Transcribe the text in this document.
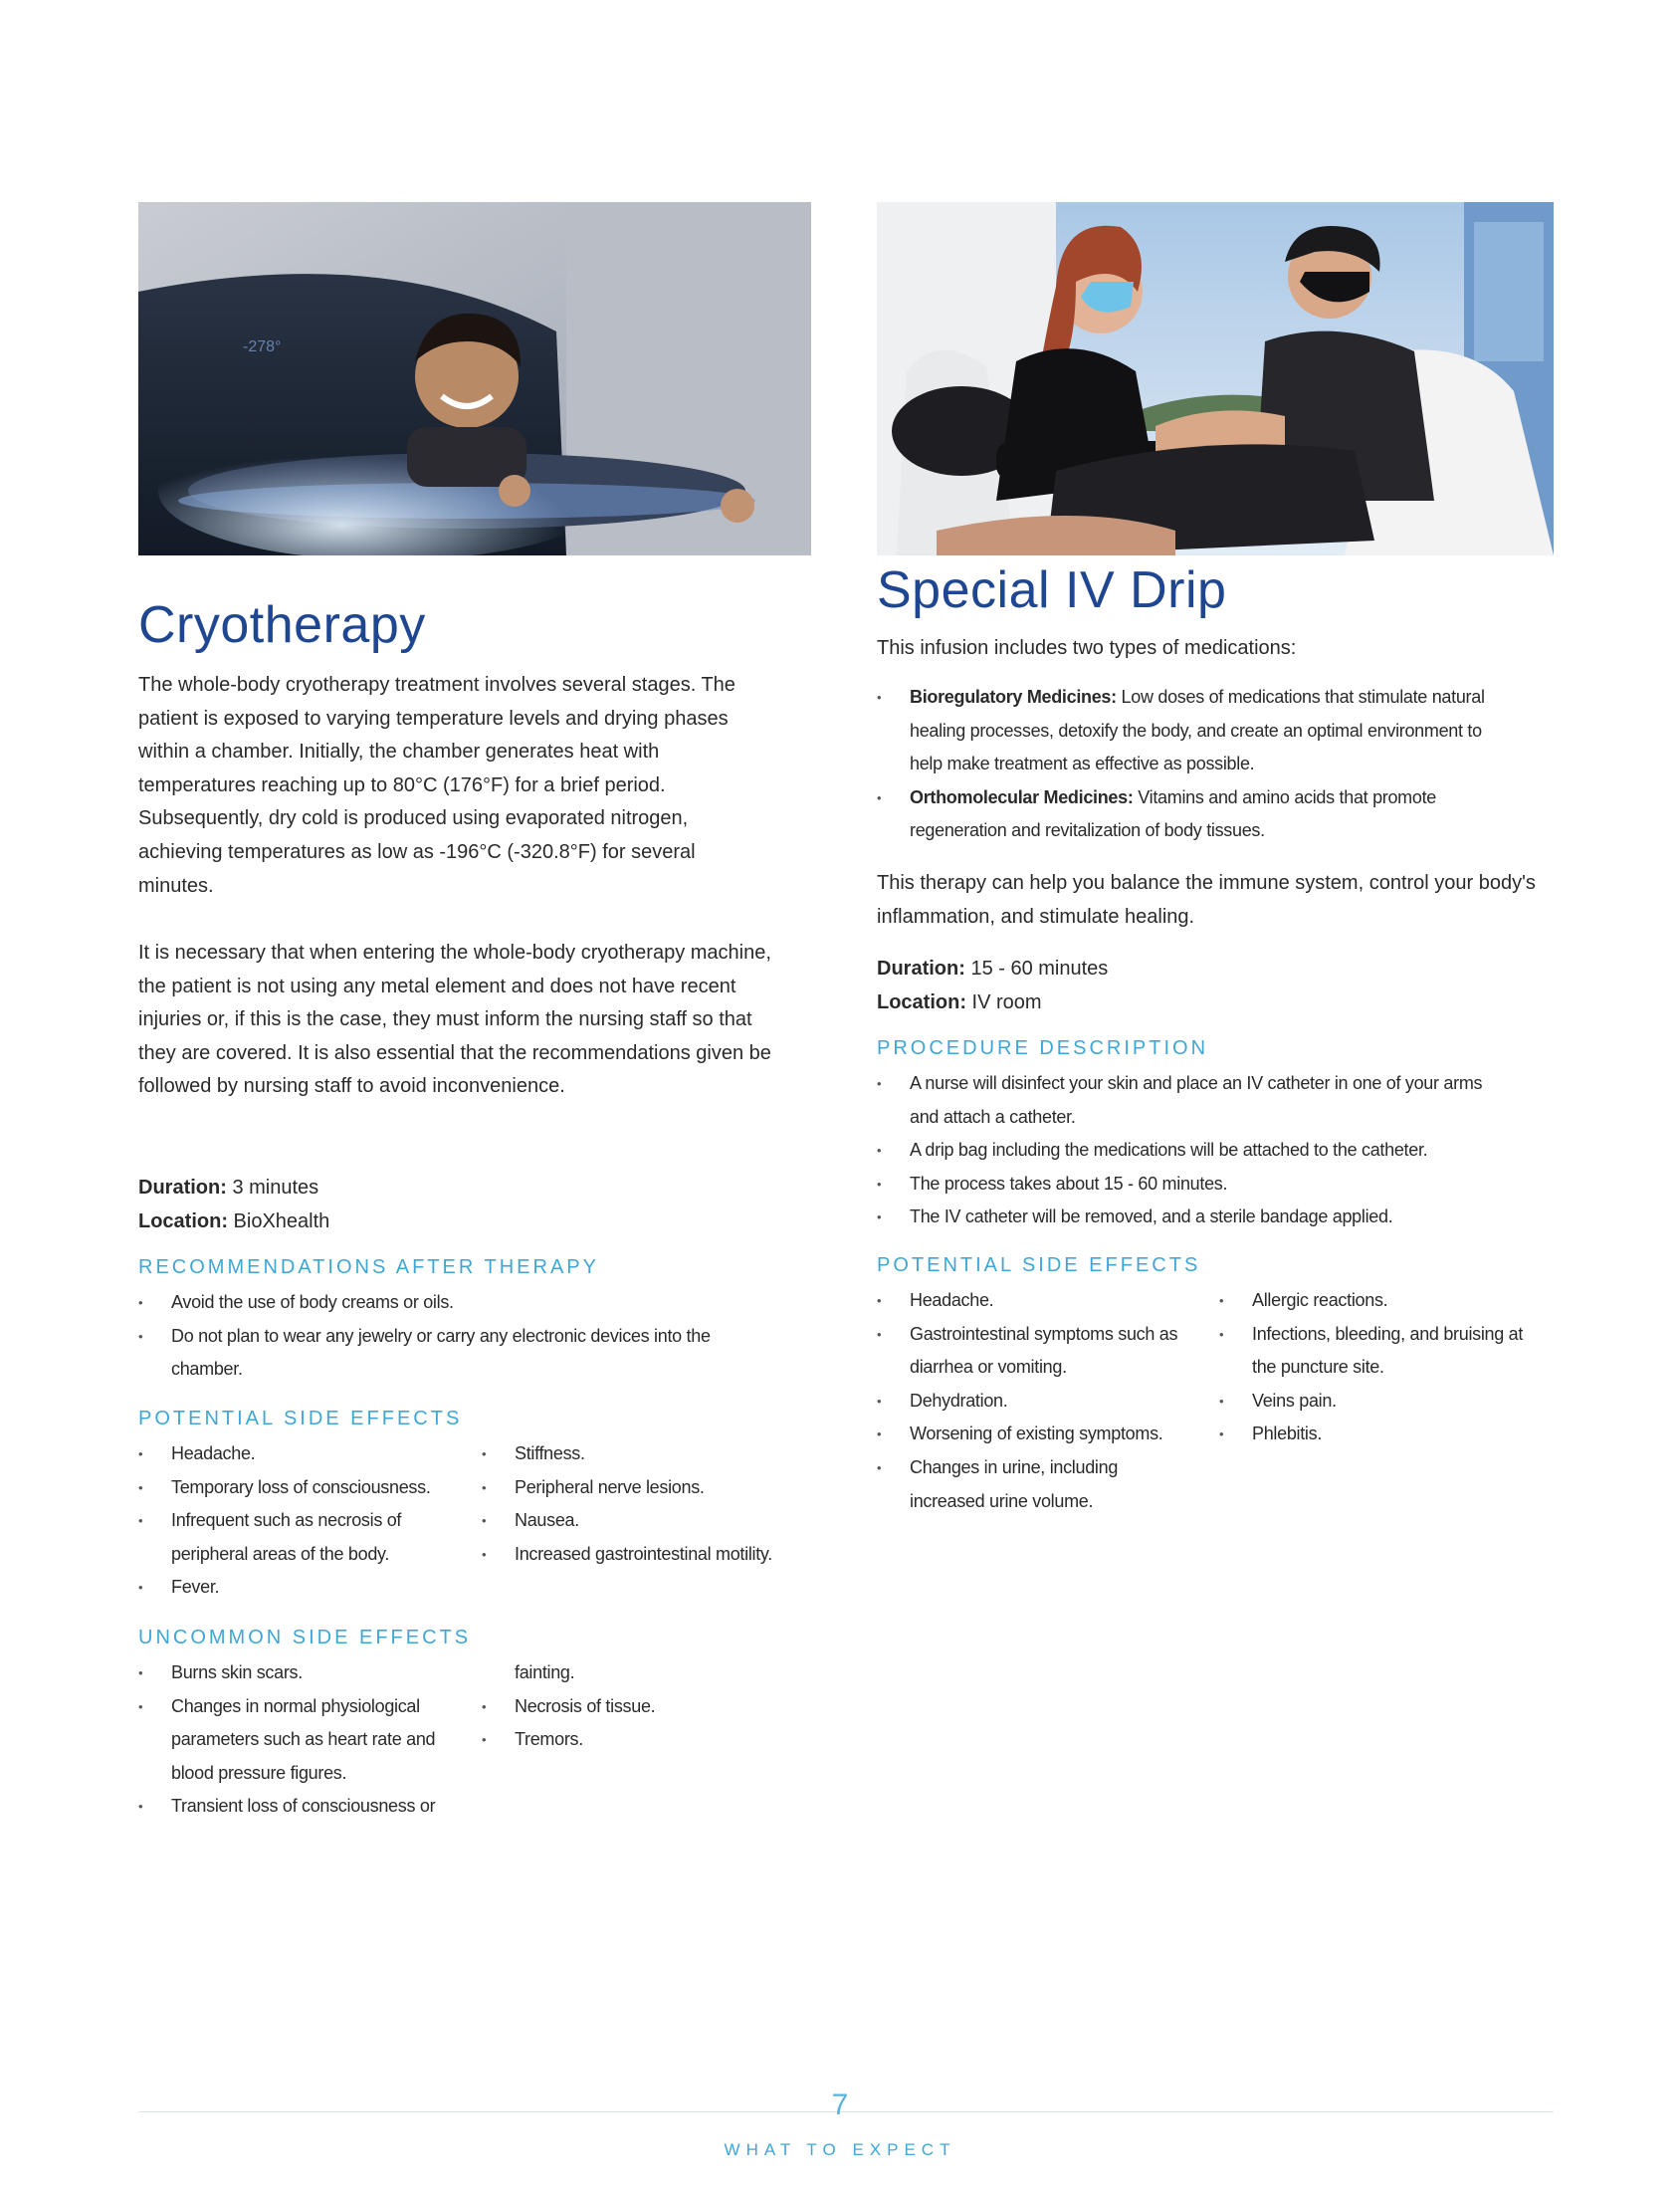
-278°
Cryotherapy

The whole-body cryotherapy treatment involves several stages. The patient is exposed to varying temperature levels and drying phases within a chamber. Initially, the chamber generates heat with temperatures reaching up to 80°C (176°F) for a brief period. Subsequently, dry cold is produced using evaporated nitrogen, achieving temperatures as low as -196°C (-320.8°F) for several minutes.

It is necessary that when entering the whole-body cryotherapy machine, the patient is not using any metal element and does not have recent injuries or, if this is the case, they must inform the nursing staff so that they are covered. It is also essential that the recommendations given be followed by nursing staff to avoid inconvenience.

Duration: 3 minutes
Location: BioXhealth
RECOMMENDATIONS AFTER THERAPY
• Avoid the use of body creams or oils.
• Do not plan to wear any jewelry or carry any electronic devices into the
chamber.
POTENTIAL SIDE EFFECTS
• Headache.
• Temporary loss of consciousness.
• Infrequent such as necrosis of
peripheral areas of the body.
• Fever.
• Stiffness.
• Peripheral nerve lesions.
• Nausea.
• Increased gastrointestinal motility.
UNCOMMON SIDE EFFECTS
• Burns skin scars.
• Changes in normal physiological
parameters such as heart rate and
blood pressure figures.
• Transient loss of consciousness or
fainting.
• Necrosis of tissue.
• Tremors.
Special IV Drip

This infusion includes two types of medications:

• Bioregulatory Medicines: Low doses of medications that stimulate natural
healing processes, detoxify the body, and create an optimal environment to
help make treatment as effective as possible.
• Orthomolecular Medicines: Vitamins and amino acids that promote
regeneration and revitalization of body tissues.

This therapy can help you balance the immune system, control your body's inflammation, and stimulate healing.

Duration: 15 - 60 minutes
Location: IV room
PROCEDURE DESCRIPTION
• A nurse will disinfect your skin and place an IV catheter in one of your arms
and attach a catheter.
• A drip bag including the medications will be attached to the catheter.
• The process takes about 15 - 60 minutes.
• The IV catheter will be removed, and a sterile bandage applied.
POTENTIAL SIDE EFFECTS
• Headache.
• Gastrointestinal symptoms such as
diarrhea or vomiting.
• Dehydration.
• Worsening of existing symptoms.
• Changes in urine, including
increased urine volume.
• Allergic reactions.
• Infections, bleeding, and bruising at
the puncture site.
• Veins pain.
• Phlebitis.
7
WHAT TO EXPECT
